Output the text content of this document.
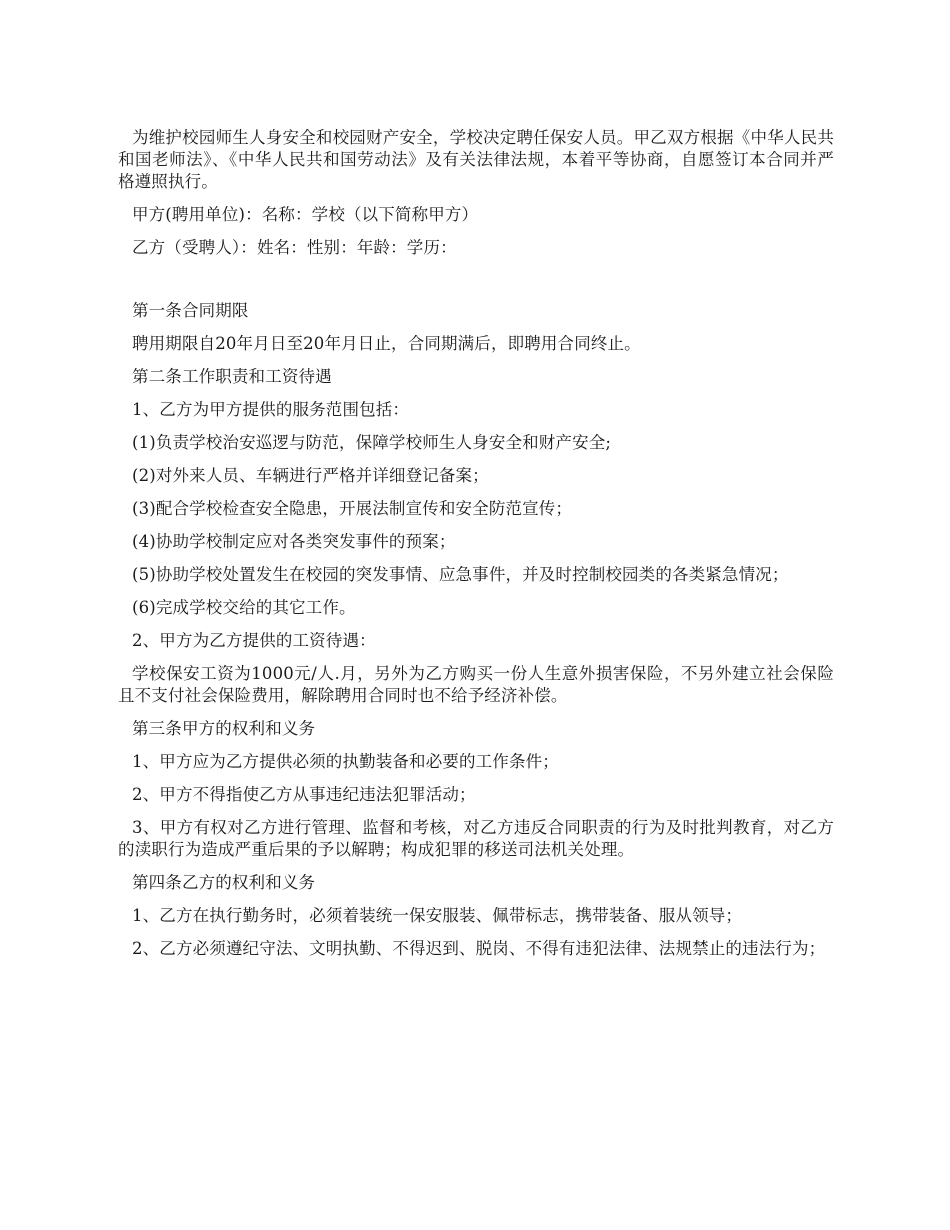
为维护校园师生人身安全和校园财产安全，学校决定聘任保安人员。甲乙双方根据《中华人民共和国老师法》、《中华人民共和国劳动法》及有关法律法规，本着平等协商，自愿签订本合同并严格遵照执行。

甲方(聘用单位)：名称：学校（以下简称甲方）

乙方（受聘人）：姓名：性别：年龄：学历：

第一条合同期限

聘用期限自20年月日至20年月日止，合同期满后，即聘用合同终止。

第二条工作职责和工资待遇

1、乙方为甲方提供的服务范围包括：

(1)负责学校治安巡逻与防范，保障学校师生人身安全和财产安全;

(2)对外来人员、车辆进行严格并详细登记备案；

(3)配合学校检查安全隐患，开展法制宣传和安全防范宣传；

(4)协助学校制定应对各类突发事件的预案；

(5)协助学校处置发生在校园的突发事情、应急事件，并及时控制校园类的各类紧急情况；

(6)完成学校交给的其它工作。

2、甲方为乙方提供的工资待遇：

学校保安工资为1000元/人.月，另外为乙方购买一份人生意外损害保险，不另外建立社会保险且不支付社会保险费用，解除聘用合同时也不给予经济补偿。

第三条甲方的权利和义务

1、甲方应为乙方提供必须的执勤装备和必要的工作条件；

2、甲方不得指使乙方从事违纪违法犯罪活动；

3、甲方有权对乙方进行管理、监督和考核，对乙方违反合同职责的行为及时批判教育，对乙方的渎职行为造成严重后果的予以解聘；构成犯罪的移送司法机关处理。

第四条乙方的权利和义务

1、乙方在执行勤务时，必须着装统一保安服装、佩带标志，携带装备、服从领导；

2、乙方必须遵纪守法、文明执勤、不得迟到、脱岗、不得有违犯法律、法规禁止的违法行为；
